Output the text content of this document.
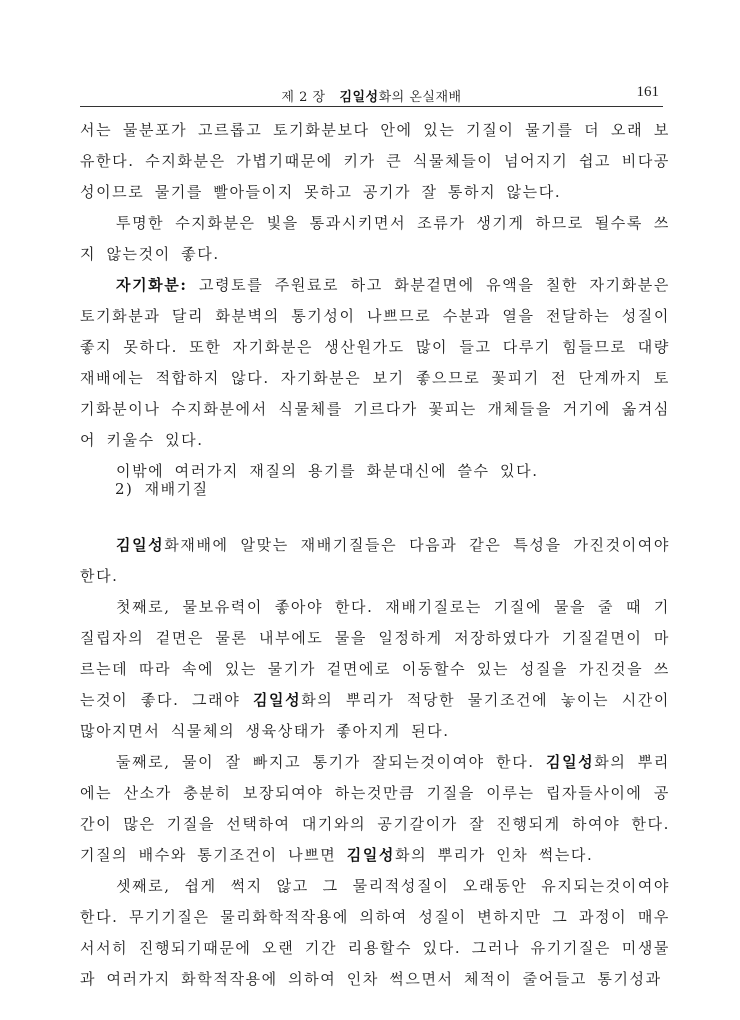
제 2 장 김일성화의 온실재배	161

서는 물분포가 고르롭고 토기화분보다 안에 있는 기질이 물기를 더 오래 보유한다. 수지화분은 가볍기때문에 키가 큰 식물체들이 넘어지기 쉽고 비다공성이므로 물기를 빨아들이지 못하고 공기가 잘 통하지 않는다.

투명한 수지화분은 빛을 통과시키면서 조류가 생기게 하므로 될수록 쓰지 않는것이 좋다.

자기화분: 고령토를 주원료로 하고 화분겉면에 유액을 칠한 자기화분은 토기화분과 달리 화분벽의 통기성이 나쁘므로 수분과 열을 전달하는 성질이 좋지 못하다. 또한 자기화분은 생산원가도 많이 들고 다루기 힘들므로 대량재배에는 적합하지 않다. 자기화분은 보기 좋으므로 꽃피기 전 단계까지 토기화분이나 수지화분에서 식물체를 기르다가 꽃피는 개체들을 거기에 옮겨심어 키울수 있다.

이밖에 여러가지 재질의 용기를 화분대신에 쓸수 있다.

2) 재배기질

김일성화재배에 알맞는 재배기질들은 다음과 같은 특성을 가진것이여야 한다.

첫째로, 물보유력이 좋아야 한다. 재배기질로는 기질에 물을 줄 때 기질립자의 겉면은 물론 내부에도 물을 일정하게 저장하였다가 기질겉면이 마르는데 따라 속에 있는 물기가 겉면에로 이동할수 있는 성질을 가진것을 쓰는것이 좋다. 그래야 김일성화의 뿌리가 적당한 물기조건에 놓이는 시간이 많아지면서 식물체의 생육상태가 좋아지게 된다.

둘째로, 물이 잘 빠지고 통기가 잘되는것이여야 한다. 김일성화의 뿌리에는 산소가 충분히 보장되여야 하는것만큼 기질을 이루는 립자들사이에 공간이 많은 기질을 선택하여 대기와의 공기갈이가 잘 진행되게 하여야 한다. 기질의 배수와 통기조건이 나쁘면 김일성화의 뿌리가 인차 썩는다.

셋째로, 쉽게 썩지 않고 그 물리적성질이 오래동안 유지되는것이여야 한다. 무기기질은 물리화학적작용에 의하여 성질이 변하지만 그 과정이 매우 서서히 진행되기때문에 오랜 기간 리용할수 있다. 그러나 유기기질은 미생물과 여러가지 화학적작용에 의하여 인차 썩으면서 체적이 줄어들고 통기성과
